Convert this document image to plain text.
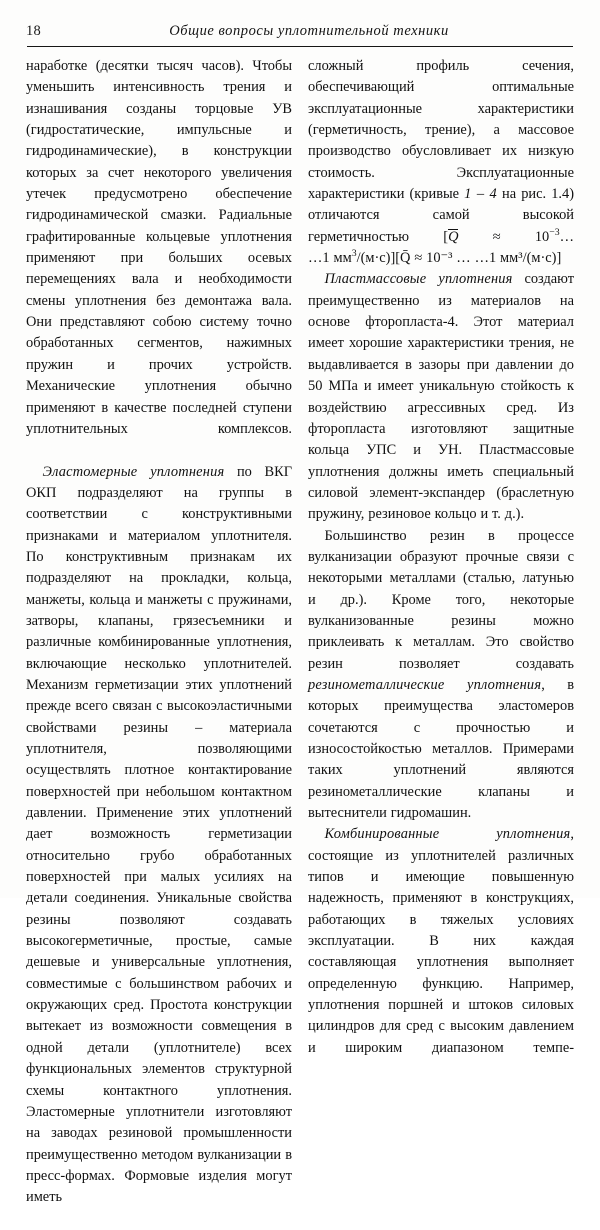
18	Общие вопросы уплотнительной техники

наработке (десятки тысяч часов). Чтобы уменьшить интенсивность трения и изнашивания созданы торцовые УВ (гидростатические, импульсные и гидродинамические), в конструкции которых за счет некоторого увеличения утечек предусмотрено обеспечение гидродинамической смазки. Радиальные графитированные кольцевые уплотнения применяют при больших осевых перемещениях вала и необходимости смены уплотнения без демонтажа вала. Они представляют собою систему точно обработанных сегментов, нажимных пружин и прочих устройств. Механические уплотнения обычно применяют в качестве последней ступени уплотнительных комплексов.

Эластомерные уплотнения по ВКГ ОКП подразделяют на группы в соответствии с конструктивными признаками и материалом уплотнителя. По конструктивным признакам их подразделяют на прокладки, кольца, манжеты, кольца и манжеты с пружинами, затворы, клапаны, грязесъемники и различные комбинированные уплотнения, включающие несколько уплотнителей. Механизм герметизации этих уплотнений прежде всего связан с высокоэластичными свойствами резины – материала уплотнителя, позволяющими осуществлять плотное контактирование поверхностей при небольшом контактном давлении. Применение этих уплотнений дает возможность герметизации относительно грубо обработанных поверхностей при малых усилиях на детали соединения. Уникальные свойства резины позволяют создавать высокогерметичные, простые, самые дешевые и универсальные уплотнения, совместимые с большинством рабочих и окружающих сред. Простота конструкции вытекает из возможности совмещения в одной детали (уплотнителе) всех функциональных элементов структурной схемы контактного уплотнения. Эластомерные уплотнители изготовляют на заводах резиновой промышленности преимущественно методом вулканизации в пресс-формах. Формовые изделия могут иметь

сложный профиль сечения, обеспечивающий оптимальные эксплуатационные характеристики (герметичность, трение), а массовое производство обусловливает их низкую стоимость. Эксплуатационные характеристики (кривые 1 – 4 на рис. 1.4) отличаются самой высокой герметичностью [$Q \approx 10^{-3}\dots$ …1 $мм^3/(м\cdot с)][Q̄ \approx 10^{-3}$ … …1 мм³/(м·с)]

Пластмассовые уплотнения создают преимущественно из материалов на основе фторопласта-4. Этот материал имеет хорошие характеристики трения, не выдавливается в зазоры при давлении до 50 МПа и имеет уникальную стойкость к воздействию агрессивных сред. Из фторопласта изготовляют защитные кольца УПС и УН. Пластмассовые уплотнения должны иметь специальный силовой элемент-экспандер (браслетную пружину, резиновое кольцо и т. д.).

Большинство резин в процессе вулканизации образуют прочные связи с некоторыми металлами (сталью, латунью и др.). Кроме того, некоторые вулканизованные резины можно приклеивать к металлам. Это свойство резин позволяет создавать резинометаллические уплотнения, в которых преимущества эластомеров сочетаются с прочностью и износостойкостью металлов. Примерами таких уплотнений являются резинометаллические клапаны и вытеснители гидромашин.

Комбинированные уплотнения, состоящие из уплотнителей различных типов и имеющие повышенную надежность, применяют в конструкциях, работающих в тяжелых условиях эксплуатации. В них каждая составляющая уплотнения выполняет определенную функцию. Например, уплотнения поршней и штоков силовых цилиндров для сред с высоким давлением и широким диапазоном темпе-
